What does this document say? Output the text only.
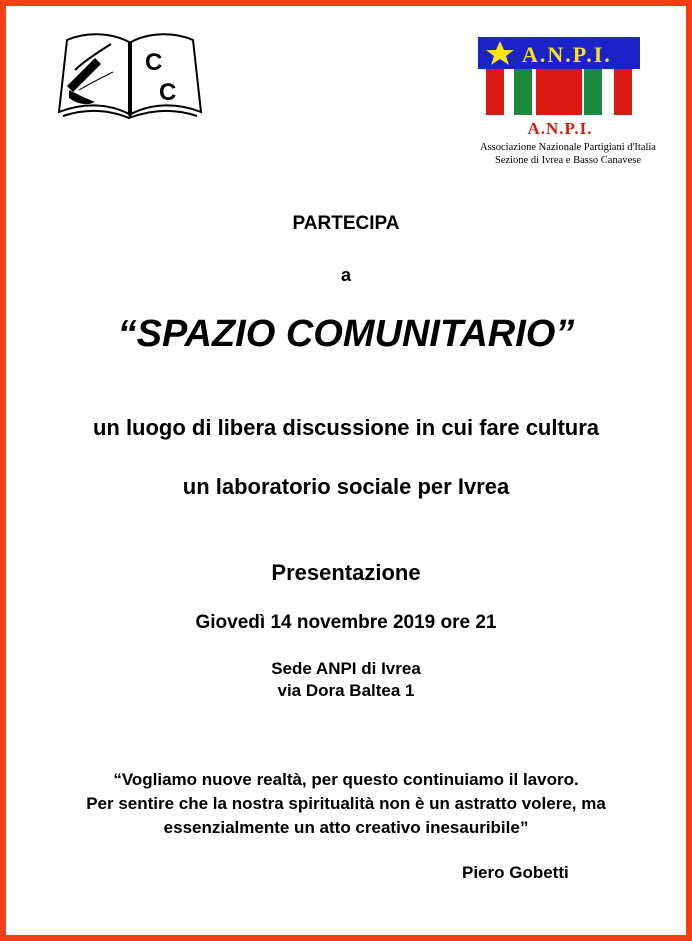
C
C
A.N.P.I.
A.N.P.I.
Associazione Nazionale Partigiani d'Italia
Sezione di Ivrea e Basso Canavese
PARTECIPA
a
“SPAZIO COMUNITARIO”
un luogo di libera discussione in cui fare cultura
un laboratorio sociale per Ivrea
Presentazione
Giovedì 14 novembre 2019 ore 21
Sede ANPI di Ivrea
via Dora Baltea 1
“Vogliamo nuove realtà, per questo continuiamo il lavoro.
Per sentire che la nostra spiritualità non è un astratto volere, ma
essenzialmente un atto creativo inesauribile”
Piero Gobetti
